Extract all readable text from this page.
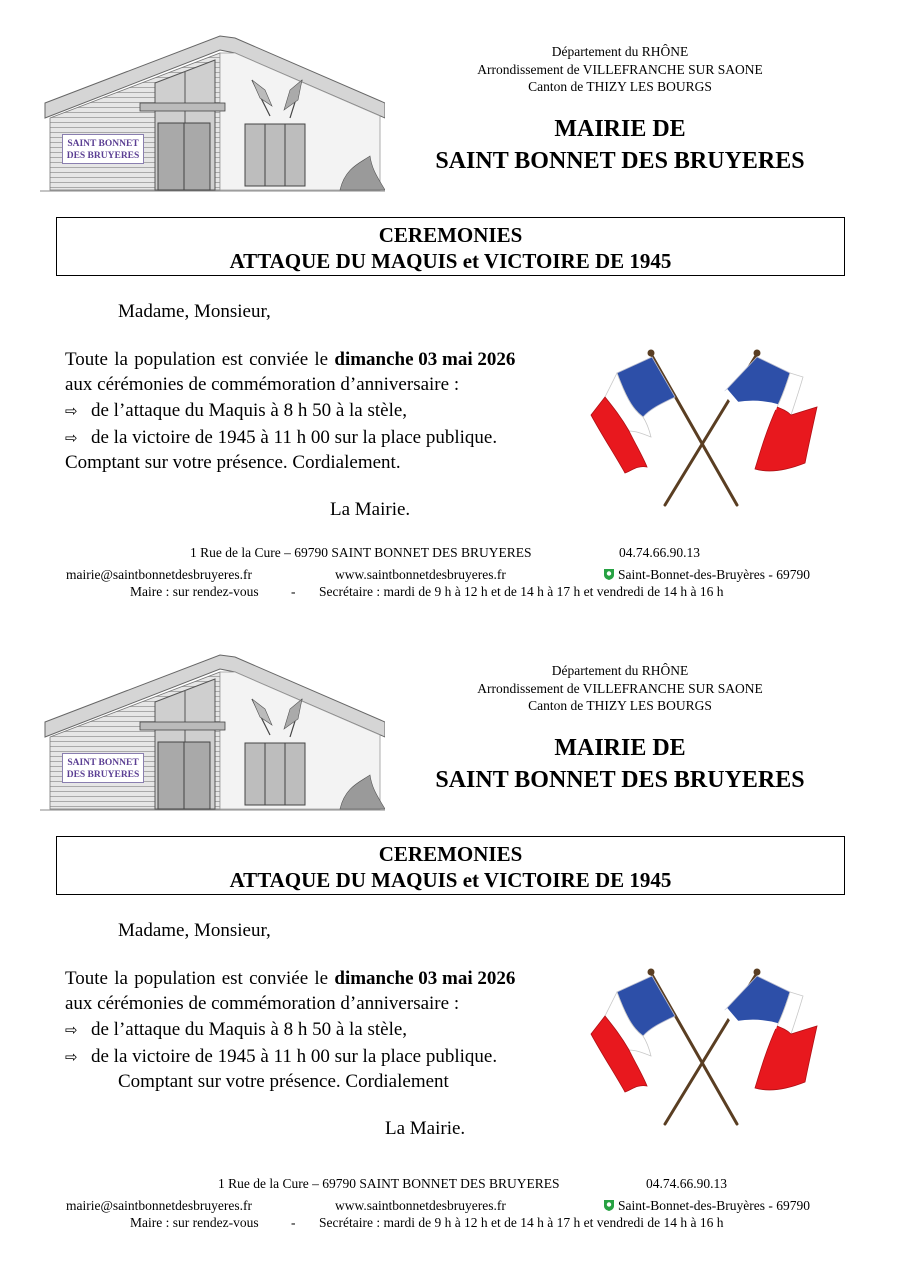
SAINT BONNET
DES BRUYERES
Département du RHÔNE
Arrondissement de VILLEFRANCHE SUR SAONE
Canton de THIZY LES BOURGS
MAIRIE DE
SAINT BONNET DES BRUYERES
CEREMONIES
ATTAQUE DU MAQUIS et VICTOIRE DE 1945
Madame, Monsieur,
Toute la population est conviée le dimanche 03 mai 2026
aux cérémonies de commémoration d’anniversaire :
⇨ de l’attaque du Maquis à 8 h 50 à la stèle,
⇨ de la victoire de 1945 à 11 h 00 sur la place publique.
Comptant sur votre présence. Cordialement.
La Mairie.
1 Rue de la Cure – 69790 SAINT BONNET DES BRUYERES	04.74.66.90.13
mairie@saintbonnetdesbruyeres.fr	www.saintbonnetdesbruyeres.fr	Saint-Bonnet-des-Bruyères - 69790
Maire : sur rendez-vous - Secrétaire : mardi de 9 h à 12 h et de 14 h à 17 h et vendredi de 14 h à 16 h
SAINT BONNET
DES BRUYERES
Département du RHÔNE
Arrondissement de VILLEFRANCHE SUR SAONE
Canton de THIZY LES BOURGS
MAIRIE DE
SAINT BONNET DES BRUYERES
CEREMONIES
ATTAQUE DU MAQUIS et VICTOIRE DE 1945
Madame, Monsieur,
Toute la population est conviée le dimanche 03 mai 2026
aux cérémonies de commémoration d’anniversaire :
⇨ de l’attaque du Maquis à 8 h 50 à la stèle,
⇨ de la victoire de 1945 à 11 h 00 sur la place publique.
Comptant sur votre présence. Cordialement
La Mairie.
1 Rue de la Cure – 69790 SAINT BONNET DES BRUYERES	04.74.66.90.13
mairie@saintbonnetdesbruyeres.fr	www.saintbonnetdesbruyeres.fr	Saint-Bonnet-des-Bruyères - 69790
Maire : sur rendez-vous - Secrétaire : mardi de 9 h à 12 h et de 14 h à 17 h et vendredi de 14 h à 16 h
